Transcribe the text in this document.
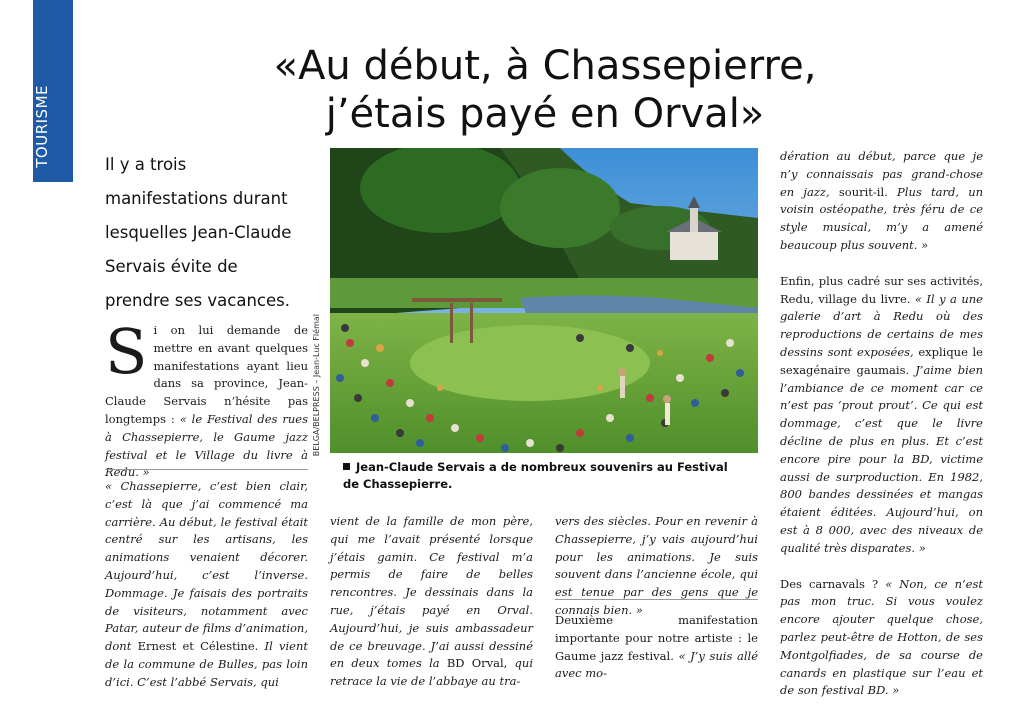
TOURISME
«Au début, à Chassepierre,
j’étais payé en Orval»
Il y a trois
manifestations durant
lesquelles Jean-Claude
Servais évite de
prendre ses vacances.
S i on lui demande de mettre en avant quelques manifestations ayant lieu dans sa province, Jean-Claude Servais n’hésite pas longtemps : « le Festival des rues à Chassepierre, le Gaume jazz festival et le Village du livre à Redu. »
« Chassepierre, c’est bien clair, c’est là que j’ai commencé ma carrière. Au début, le festival était centré sur les artisans, les animations venaient décorer. Aujourd’hui, c’est l’inverse. Dommage. Je faisais des portraits de visiteurs, notamment avec Patar, auteur de films d’animation, dont Ernest et Célestine. Il vient de la commune de Bulles, pas loin d’ici. C’est l’abbé Servais, qui
BELGA/BELPRESS – Jean-Luc Flémal
Jean-Claude Servais a de nombreux souvenirs au Festival de Chassepierre.
vient de la famille de mon père, qui me l’avait présenté lorsque j’étais gamin. Ce festival m’a permis de faire de belles rencontres. Je dessinais dans la rue, j’étais payé en Orval. Aujourd’hui, je suis ambassadeur de ce breuvage. J’ai aussi dessiné en deux tomes la BD Orval, qui retrace la vie de l’abbaye au tra-
vers des siècles. Pour en revenir à Chassepierre, j’y vais aujourd’hui pour les animations. Je suis souvent dans l’ancienne école, qui est tenue par des gens que je connais bien. »
Deuxième manifestation importante pour notre artiste : le Gaume jazz festival. « J’y suis allé avec mo-

dération au début, parce que je n’y connaissais pas grand-chose en jazz, sourit-il. Plus tard, un voisin ostéopathe, très féru de ce style musical, m’y a amené beaucoup plus souvent. »

Enfin, plus cadré sur ses activités, Redu, village du livre. « Il y a une galerie d’art à Redu où des reproductions de certains de mes dessins sont exposées, explique le sexagénaire gaumais. J’aime bien l’ambiance de ce moment car ce n’est pas ‘prout prout’. Ce qui est dommage, c’est que le livre décline de plus en plus. Et c’est encore pire pour la BD, victime aussi de surproduction. En 1982, 800 bandes dessinées et mangas étaient éditées. Aujourd’hui, on est à 8 000, avec des niveaux de qualité très disparates. »

Des carnavals ? « Non, ce n’est pas mon truc. Si vous voulez encore ajouter quelque chose, parlez peut-être de Hotton, de ses Montgolfiades, de sa course de canards en plastique sur l’eau et de son festival BD. »
